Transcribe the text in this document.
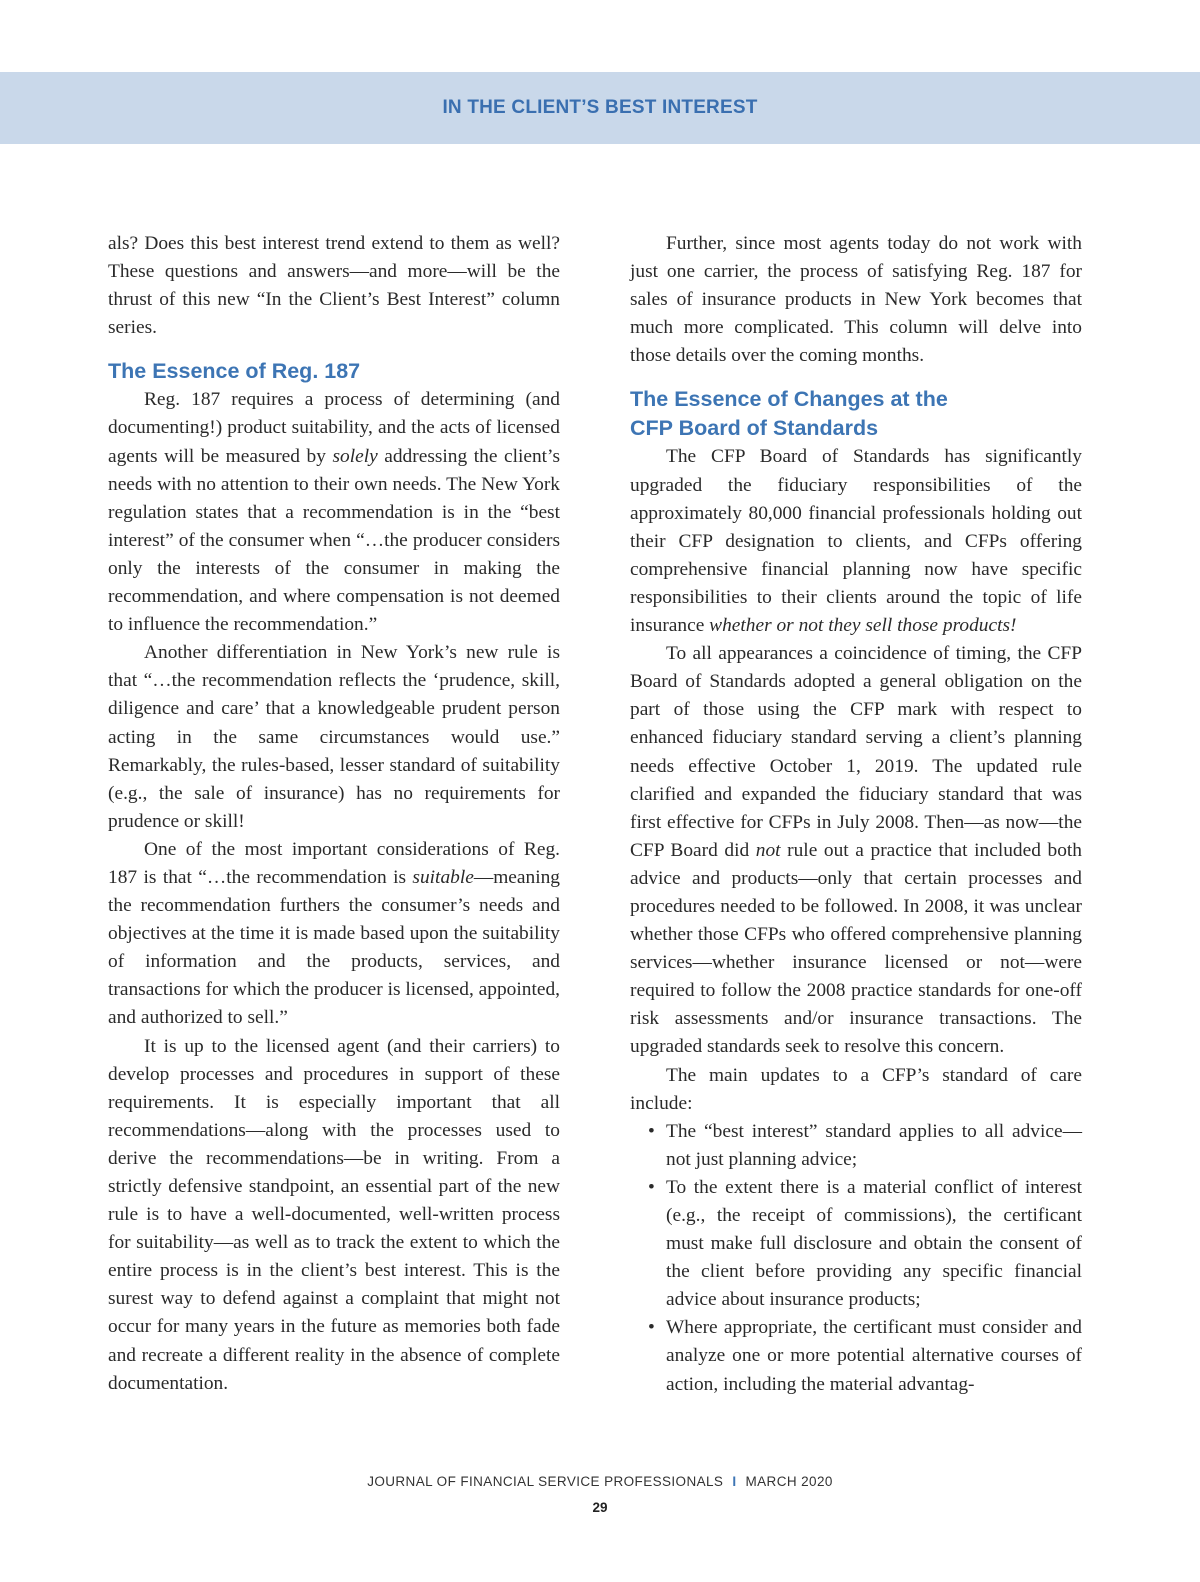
IN THE CLIENT’S BEST INTEREST

als? Does this best interest trend extend to them as well? These questions and answers—and more—will be the thrust of this new “In the Client’s Best Interest” column series.

The Essence of Reg. 187

Reg. 187 requires a process of determining (and documenting!) product suitability, and the acts of licensed agents will be measured by solely addressing the client’s needs with no attention to their own needs. The New York regulation states that a recommendation is in the “best interest” of the consumer when “…the producer considers only the interests of the consumer in making the recommendation, and where compensation is not deemed to influence the recommendation.”

Another differentiation in New York’s new rule is that “…the recommendation reflects the ‘prudence, skill, diligence and care’ that a knowledgeable prudent person acting in the same circumstances would use.” Remarkably, the rules-based, lesser standard of suitability (e.g., the sale of insurance) has no requirements for prudence or skill!

One of the most important considerations of Reg. 187 is that “…the recommendation is suitable—meaning the recommendation furthers the consumer’s needs and objectives at the time it is made based upon the suitability of information and the products, services, and transactions for which the producer is licensed, appointed, and authorized to sell.”

It is up to the licensed agent (and their carriers) to develop processes and procedures in support of these requirements. It is especially important that all recommendations—along with the processes used to derive the recommendations—be in writing. From a strictly defensive standpoint, an essential part of the new rule is to have a well-documented, well-written process for suitability—as well as to track the extent to which the entire process is in the client’s best interest. This is the surest way to defend against a complaint that might not occur for many years in the future as memories both fade and recreate a different reality in the absence of complete documentation.

Further, since most agents today do not work with just one carrier, the process of satisfying Reg. 187 for sales of insurance products in New York becomes that much more complicated. This column will delve into those details over the coming months.

The Essence of Changes at the
CFP Board of Standards

The CFP Board of Standards has significantly upgraded the fiduciary responsibilities of the approximately 80,000 financial professionals holding out their CFP designation to clients, and CFPs offering comprehensive financial planning now have specific responsibilities to their clients around the topic of life insurance whether or not they sell those products!

To all appearances a coincidence of timing, the CFP Board of Standards adopted a general obligation on the part of those using the CFP mark with respect to enhanced fiduciary standard serving a client’s planning needs effective October 1, 2019. The updated rule clarified and expanded the fiduciary standard that was first effective for CFPs in July 2008. Then—as now—the CFP Board did not rule out a practice that included both advice and products—only that certain processes and procedures needed to be followed. In 2008, it was unclear whether those CFPs who offered comprehensive planning services—whether insurance licensed or not—were required to follow the 2008 practice standards for one-off risk assessments and/or insurance transactions. The upgraded standards seek to resolve this concern.

The main updates to a CFP’s standard of care include:

• The “best interest” standard applies to all advice—not just planning advice;
• To the extent there is a material conflict of interest (e.g., the receipt of commissions), the certificant must make full disclosure and obtain the consent of the client before providing any specific financial advice about insurance products;
• Where appropriate, the certificant must consider and analyze one or more potential alternative courses of action, including the material advantag-
JOURNAL OF FINANCIAL SERVICE PROFESSIONALS I MARCH 2020
29
